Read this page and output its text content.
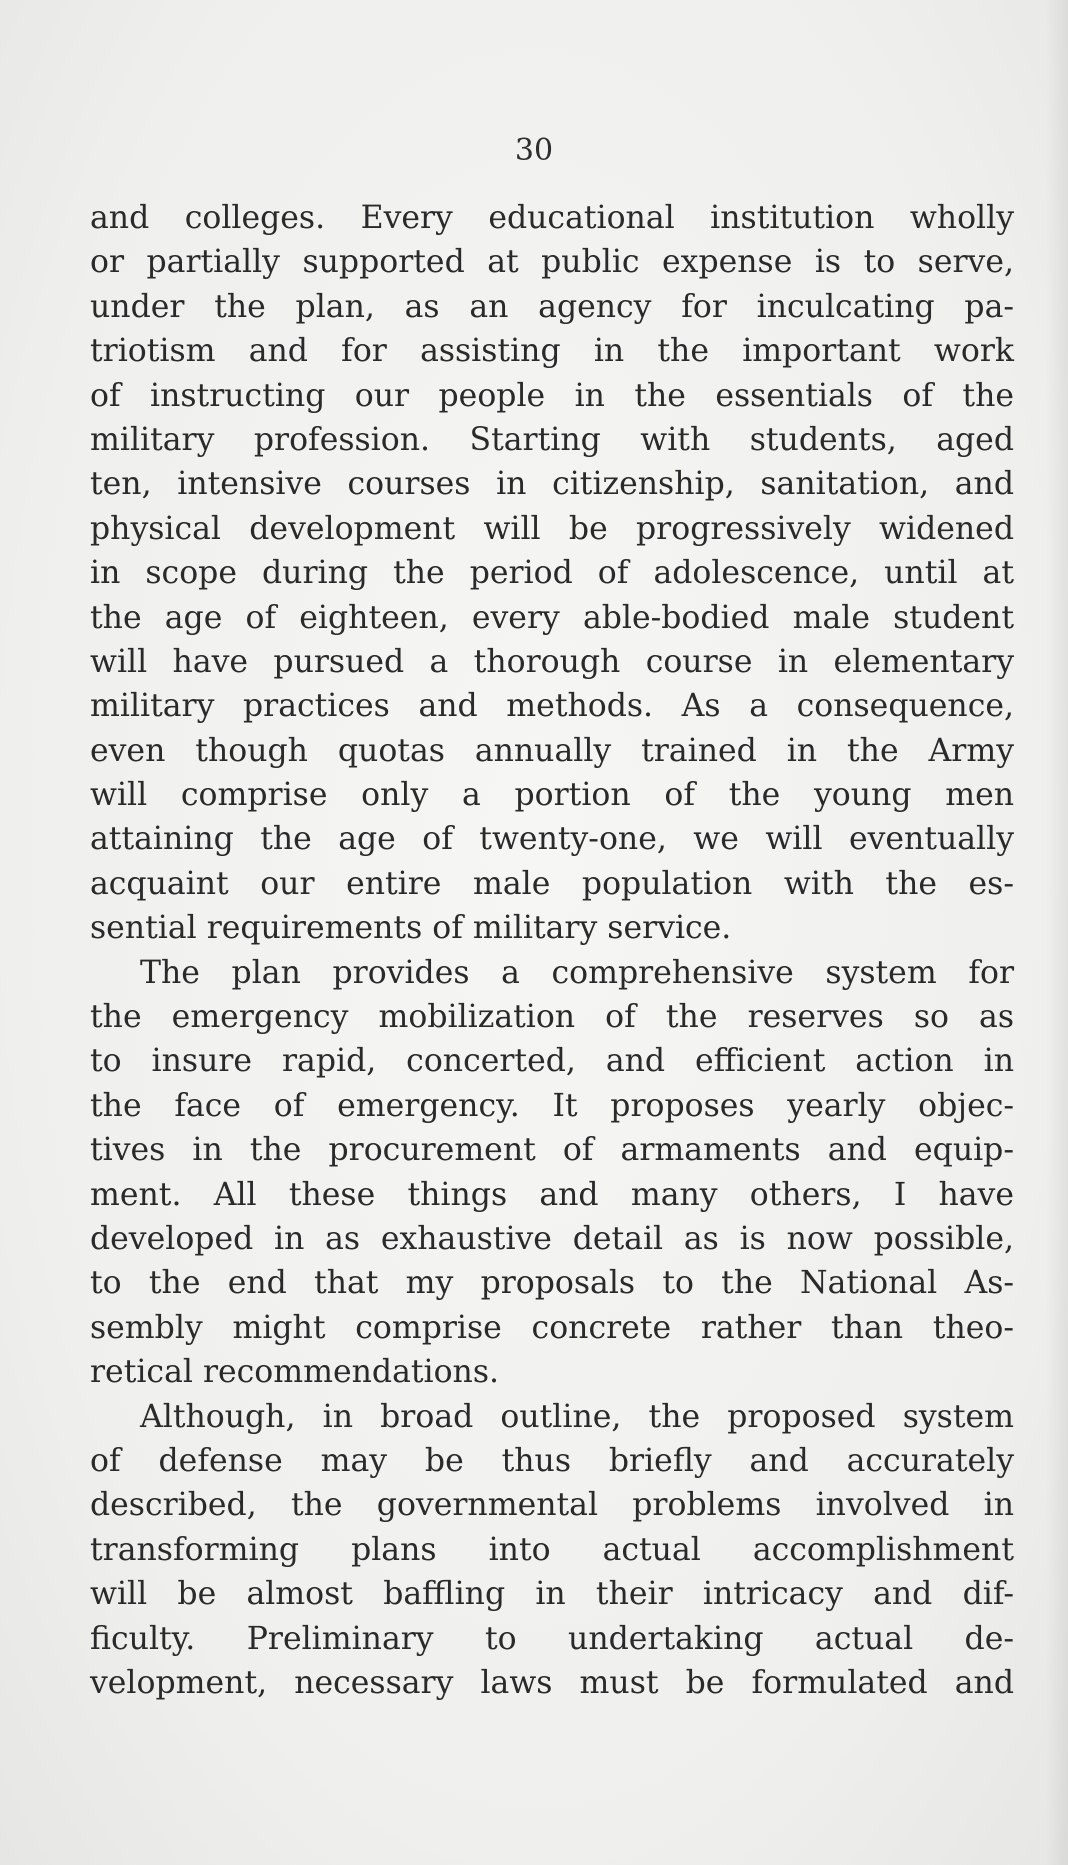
30
and colleges. Every educational institution wholly
or partially supported at public expense is to serve,
under the plan, as an agency for inculcating pa-
triotism and for assisting in the important work
of instructing our people in the essentials of the
military profession. Starting with students, aged
ten, intensive courses in citizenship, sanitation, and
physical development will be progressively widened
in scope during the period of adolescence, until at
the age of eighteen, every able-bodied male student
will have pursued a thorough course in elementary
military practices and methods. As a consequence,
even though quotas annually trained in the Army
will comprise only a portion of the young men
attaining the age of twenty-one, we will eventually
acquaint our entire male population with the es-
sential requirements of military service.
The plan provides a comprehensive system for
the emergency mobilization of the reserves so as
to insure rapid, concerted, and efficient action in
the face of emergency. It proposes yearly objec-
tives in the procurement of armaments and equip-
ment. All these things and many others, I have
developed in as exhaustive detail as is now possible,
to the end that my proposals to the National As-
sembly might comprise concrete rather than theo-
retical recommendations.
Although, in broad outline, the proposed system
of defense may be thus briefly and accurately
described, the governmental problems involved in
transforming plans into actual accomplishment
will be almost baffling in their intricacy and dif-
ficulty. Preliminary to undertaking actual de-
velopment, necessary laws must be formulated and
